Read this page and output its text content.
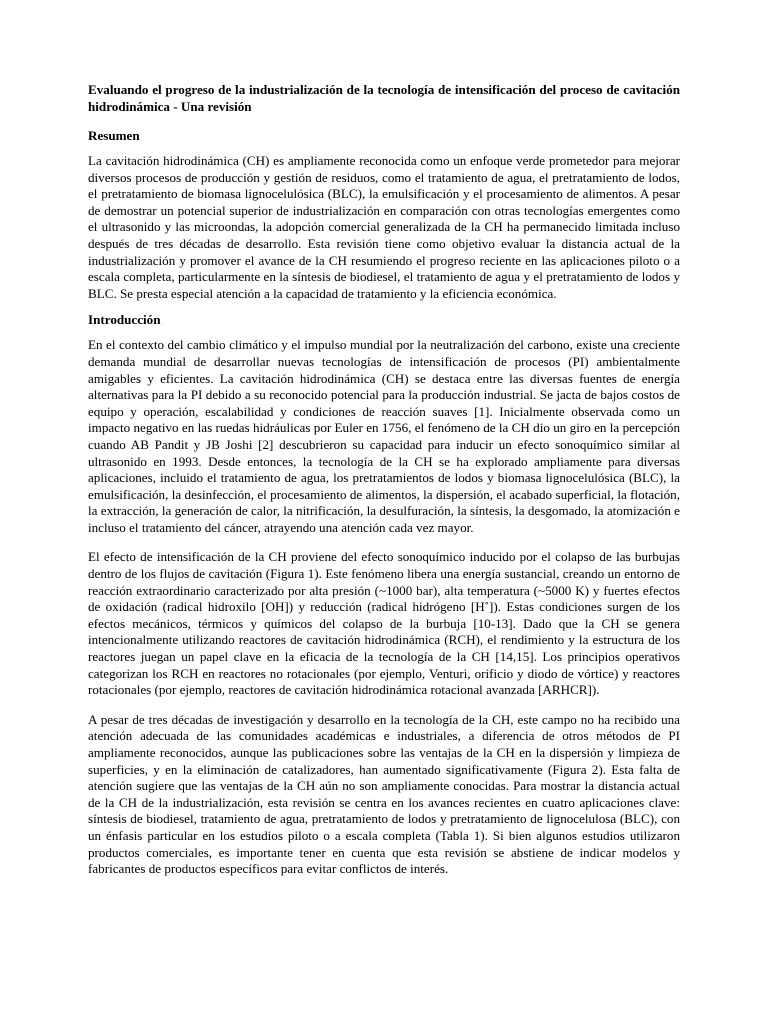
Evaluando el progreso de la industrialización de la tecnología de intensificación del proceso de cavitación hidrodinámica - Una revisión
Resumen
La cavitación hidrodinámica (CH) es ampliamente reconocida como un enfoque verde prometedor para mejorar diversos procesos de producción y gestión de residuos, como el tratamiento de agua, el pretratamiento de lodos, el pretratamiento de biomasa lignocelulósica (BLC), la emulsificación y el procesamiento de alimentos. A pesar de demostrar un potencial superior de industrialización en comparación con otras tecnologías emergentes como el ultrasonido y las microondas, la adopción comercial generalizada de la CH ha permanecido limitada incluso después de tres décadas de desarrollo. Esta revisión tiene como objetivo evaluar la distancia actual de la industrialización y promover el avance de la CH resumiendo el progreso reciente en las aplicaciones piloto o a escala completa, particularmente en la síntesis de biodiesel, el tratamiento de agua y el pretratamiento de lodos y BLC. Se presta especial atención a la capacidad de tratamiento y la eficiencia económica.
Introducción
En el contexto del cambio climático y el impulso mundial por la neutralización del carbono, existe una creciente demanda mundial de desarrollar nuevas tecnologías de intensificación de procesos (PI) ambientalmente amigables y eficientes. La cavitación hidrodinámica (CH) se destaca entre las diversas fuentes de energía alternativas para la PI debido a su reconocido potencial para la producción industrial. Se jacta de bajos costos de equipo y operación, escalabilidad y condiciones de reacción suaves [1]. Inicialmente observada como un impacto negativo en las ruedas hidráulicas por Euler en 1756, el fenómeno de la CH dio un giro en la percepción cuando AB Pandit y JB Joshi [2] descubrieron su capacidad para inducir un efecto sonoquímico similar al ultrasonido en 1993. Desde entonces, la tecnología de la CH se ha explorado ampliamente para diversas aplicaciones, incluido el tratamiento de agua, los pretratamientos de lodos y biomasa lignocelulósica (BLC), la emulsificación, la desinfección, el procesamiento de alimentos, la dispersión, el acabado superficial, la flotación, la extracción, la generación de calor, la nitrificación, la desulfuración, la síntesis, la desgomado, la atomización e incluso el tratamiento del cáncer, atrayendo una atención cada vez mayor.
El efecto de intensificación de la CH proviene del efecto sonoquímico inducido por el colapso de las burbujas dentro de los flujos de cavitación (Figura 1). Este fenómeno libera una energía sustancial, creando un entorno de reacción extraordinario caracterizado por alta presión (~1000 bar), alta temperatura (~5000 K) y fuertes efectos de oxidación (radical hidroxilo [OH]) y reducción (radical hidrógeno [H˚]). Estas condiciones surgen de los efectos mecánicos, térmicos y químicos del colapso de la burbuja [10-13]. Dado que la CH se genera intencionalmente utilizando reactores de cavitación hidrodinámica (RCH), el rendimiento y la estructura de los reactores juegan un papel clave en la eficacia de la tecnología de la CH [14,15]. Los principios operativos categorizan los RCH en reactores no rotacionales (por ejemplo, Venturi, orificio y diodo de vórtice) y reactores rotacionales (por ejemplo, reactores de cavitación hidrodinámica rotacional avanzada [ARHCR]).
A pesar de tres décadas de investigación y desarrollo en la tecnología de la CH, este campo no ha recibido una atención adecuada de las comunidades académicas e industriales, a diferencia de otros métodos de PI ampliamente reconocidos, aunque las publicaciones sobre las ventajas de la CH en la dispersión y limpieza de superficies, y en la eliminación de catalizadores, han aumentado significativamente (Figura 2). Esta falta de atención sugiere que las ventajas de la CH aún no son ampliamente conocidas. Para mostrar la distancia actual de la CH de la industrialización, esta revisión se centra en los avances recientes en cuatro aplicaciones clave: síntesis de biodiesel, tratamiento de agua, pretratamiento de lodos y pretratamiento de lignocelulosa (BLC), con un énfasis particular en los estudios piloto o a escala completa (Tabla 1). Si bien algunos estudios utilizaron productos comerciales, es importante tener en cuenta que esta revisión se abstiene de indicar modelos y fabricantes de productos específicos para evitar conflictos de interés.
